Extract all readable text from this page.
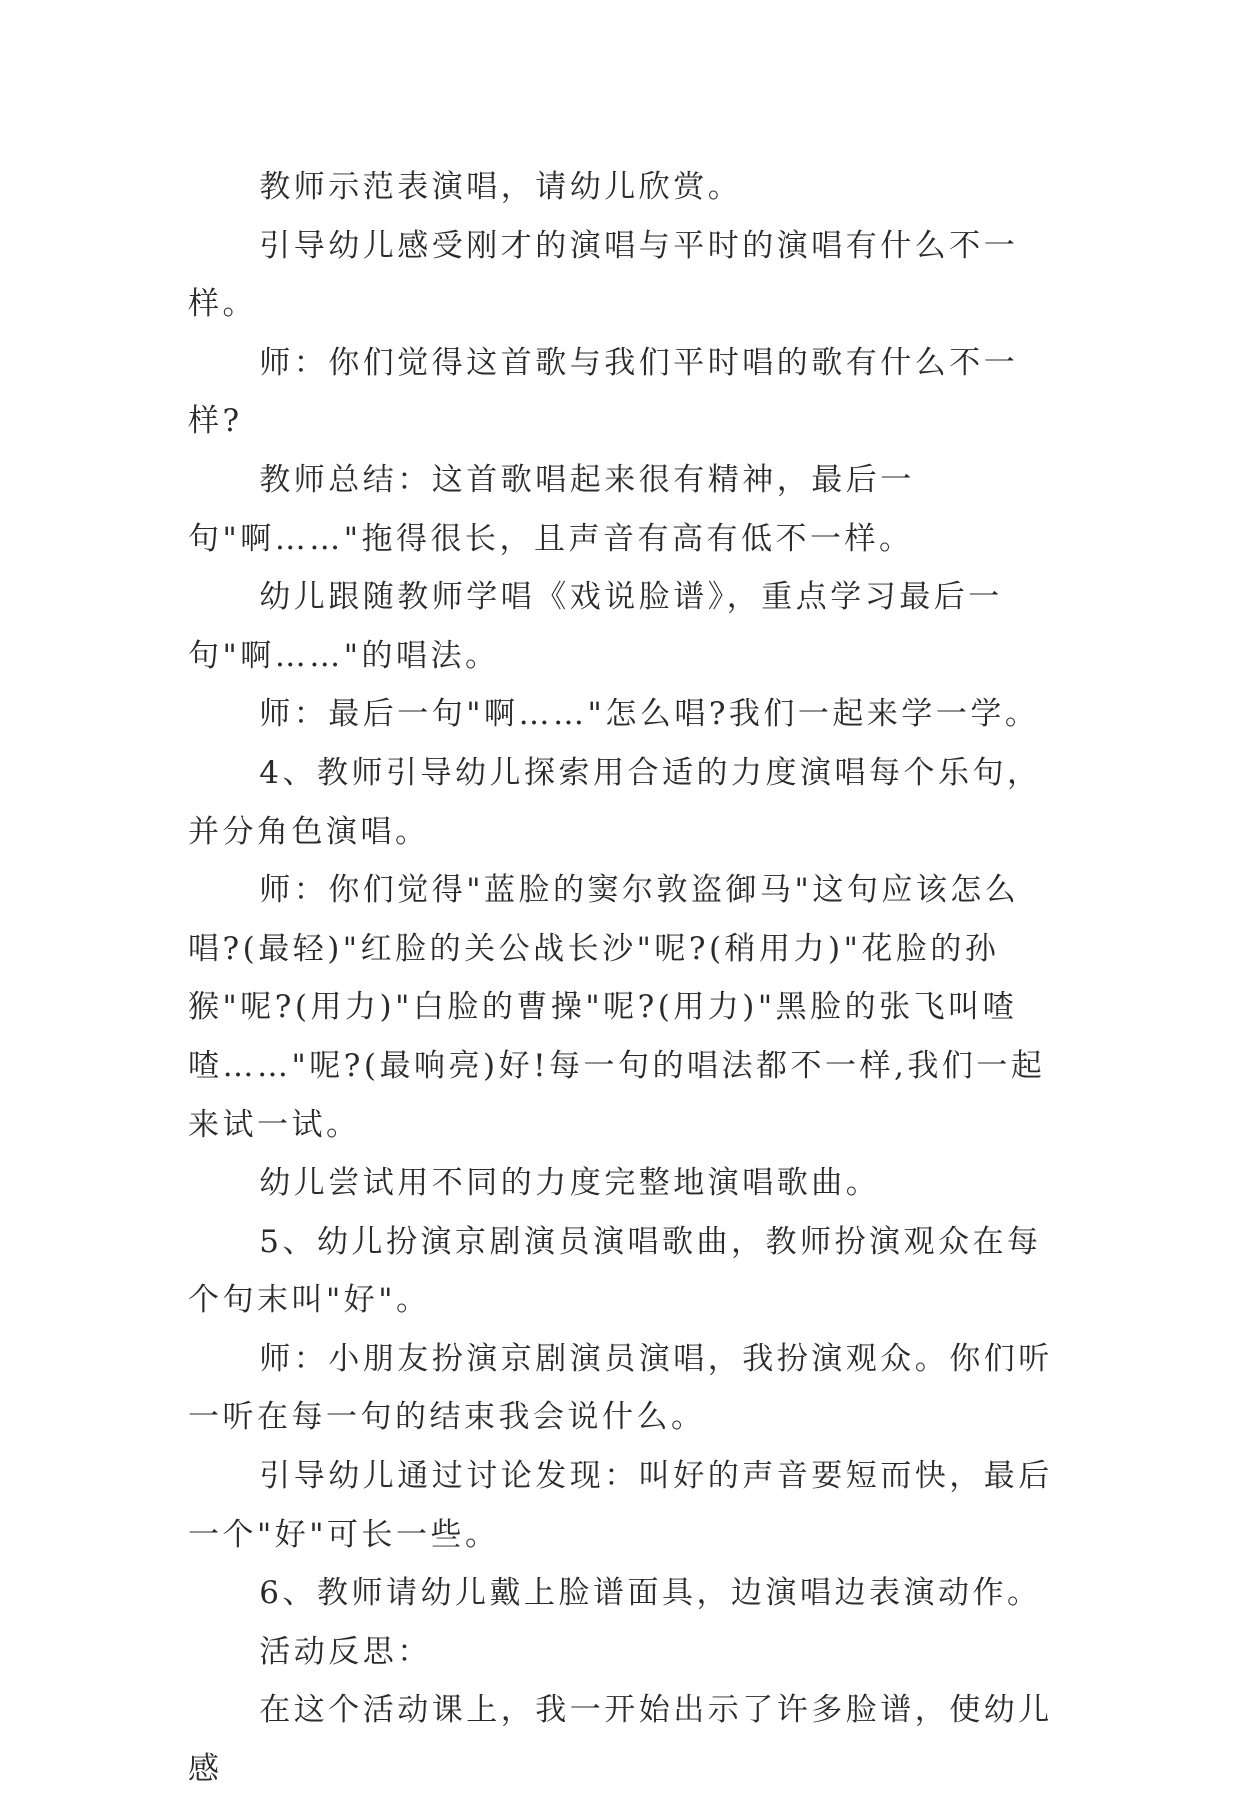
教师示范表演唱，请幼儿欣赏。

引导幼儿感受刚才的演唱与平时的演唱有什么不一样。

师：你们觉得这首歌与我们平时唱的歌有什么不一样?

教师总结：这首歌唱起来很有精神，最后一句"啊……"拖得很长，且声音有高有低不一样。

幼儿跟随教师学唱《戏说脸谱》，重点学习最后一句"啊……"的唱法。

师：最后一句"啊……"怎么唱?我们一起来学一学。

4、教师引导幼儿探索用合适的力度演唱每个乐句，并分角色演唱。

师：你们觉得"蓝脸的窦尔敦盗御马"这句应该怎么唱?(最轻)"红脸的关公战长沙"呢?(稍用力)"花脸的孙猴"呢?(用力)"白脸的曹操"呢?(用力)"黑脸的张飞叫喳喳……"呢?(最响亮)好!每一句的唱法都不一样,我们一起来试一试。

幼儿尝试用不同的力度完整地演唱歌曲。

5、幼儿扮演京剧演员演唱歌曲，教师扮演观众在每个句末叫"好"。

师：小朋友扮演京剧演员演唱，我扮演观众。你们听一听在每一句的结束我会说什么。

引导幼儿通过讨论发现：叫好的声音要短而快，最后一个"好"可长一些。

6、教师请幼儿戴上脸谱面具，边演唱边表演动作。

活动反思：

在这个活动课上，我一开始出示了许多脸谱，使幼儿感
